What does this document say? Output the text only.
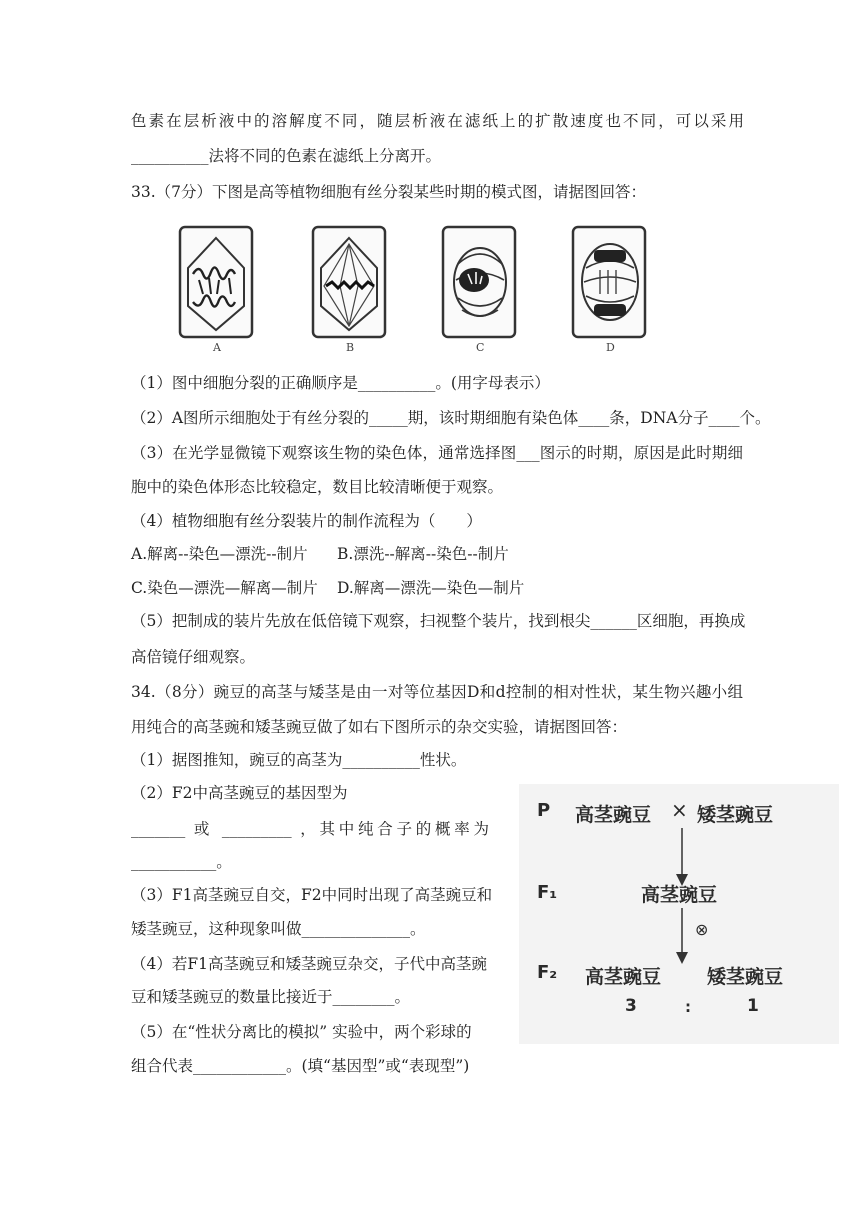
色素在层析液中的溶解度不同，随层析液在滤纸上的扩散速度也不同，可以采用
__________法将不同的色素在滤纸上分离开。
33.（7分）下图是高等植物细胞有丝分裂某些时期的模式图，请据图回答：
A	B	C	D
（1）图中细胞分裂的正确顺序是__________。(用字母表示）
（2）A图所示细胞处于有丝分裂的_____期，该时期细胞有染色体____条，DNA分子____个。
（3）在光学显微镜下观察该生物的染色体，通常选择图___图示的时期，原因是此时期细
胞中的染色体形态比较稳定，数目比较清晰便于观察。
（4）植物细胞有丝分裂装片的制作流程为（　　）
A.解离--染色—漂洗--制片 B.漂洗--解离--染色--制片
C.染色—漂洗—解离—制片 D.解离—漂洗—染色—制片
（5）把制成的装片先放在低倍镜下观察，扫视整个装片，找到根尖______区细胞，再换成
高倍镜仔细观察。
34.（8分）豌豆的高茎与矮茎是由一对等位基因D和d控制的相对性状，某生物兴趣小组
用纯合的高茎豌和矮茎豌豆做了如右下图所示的杂交实验，请据图回答：
（1）据图推知，豌豆的高茎为__________性状。
（2）F2中高茎豌豆的基因型为
_______ 或 _________ ，其中纯合子的概率为
___________。
（3）F1高茎豌豆自交，F2中同时出现了高茎豌豆和
矮茎豌豆，这种现象叫做______________。
（4）若F1高茎豌豆和矮茎豌豆杂交，子代中高茎豌
豆和矮茎豌豆的数量比接近于________。
（5）在“性状分离比的模拟” 实验中，两个彩球的
组合代表____________。(填“基因型”或“表现型”)
P 高茎豌豆 × 矮茎豌豆
F₁	高茎豌豆
⊗
F₂ 高茎豌豆 矮茎豌豆
3	:	1
